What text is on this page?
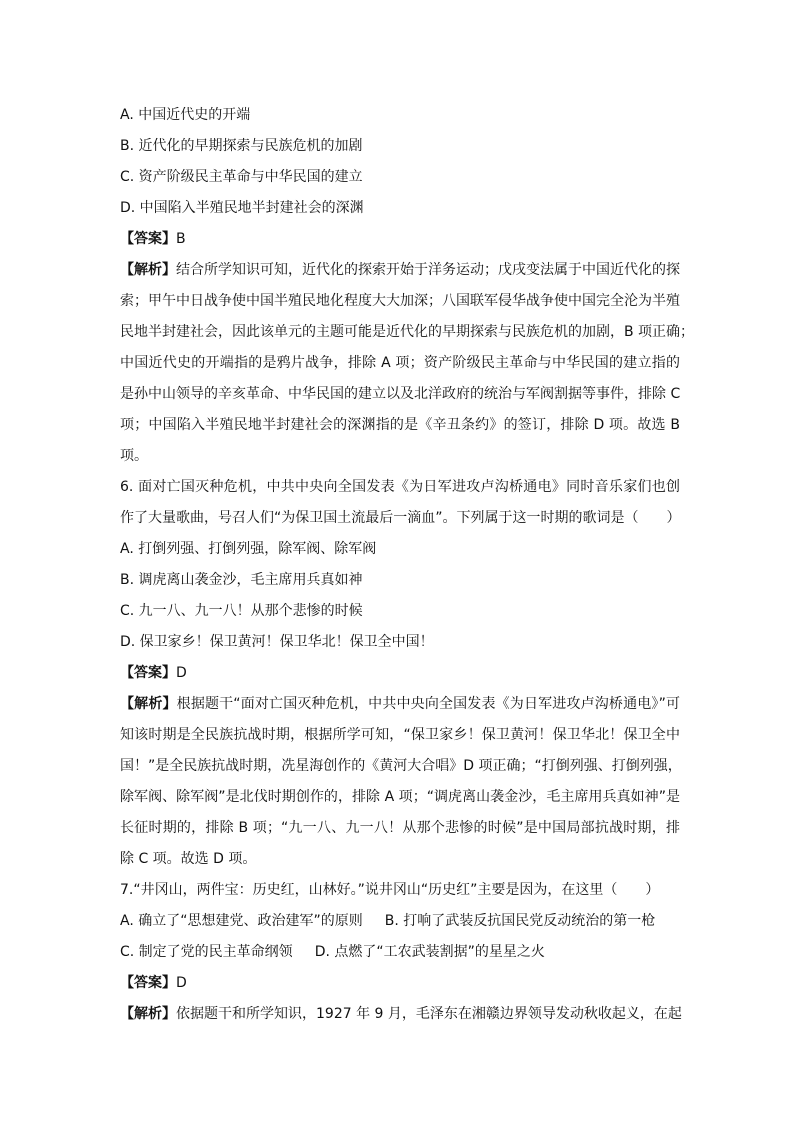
A. 中国近代史的开端
B. 近代化的早期探索与民族危机的加剧
C. 资产阶级民主革命与中华民国的建立
D. 中国陷入半殖民地半封建社会的深渊
【答案】B
【解析】结合所学知识可知，近代化的探索开始于洋务运动；戊戌变法属于中国近代化的探
索；甲午中日战争使中国半殖民地化程度大大加深；八国联军侵华战争使中国完全沦为半殖
民地半封建社会，因此该单元的主题可能是近代化的早期探索与民族危机的加剧，B 项正确；
中国近代史的开端指的是鸦片战争，排除 A 项；资产阶级民主革命与中华民国的建立指的
是孙中山领导的辛亥革命、中华民国的建立以及北洋政府的统治与军阀割据等事件，排除 C
项；中国陷入半殖民地半封建社会的深渊指的是《辛丑条约》的签订，排除 D 项。故选 B
项。
6. 面对亡国灭种危机，中共中央向全国发表《为日军进攻卢沟桥通电》同时音乐家们也创
作了大量歌曲，号召人们“为保卫国土流最后一滴血”。下列属于这一时期的歌词是（　　）
A. 打倒列强、打倒列强，除军阀、除军阀
B. 调虎离山袭金沙，毛主席用兵真如神
C. 九一八、九一八！从那个悲惨的时候
D. 保卫家乡！保卫黄河！保卫华北！保卫全中国！
【答案】D
【解析】根据题干“面对亡国灭种危机，中共中央向全国发表《为日军进攻卢沟桥通电》”可
知该时期是全民族抗战时期，根据所学可知，“保卫家乡！保卫黄河！保卫华北！保卫全中
国！”是全民族抗战时期，冼星海创作的《黄河大合唱》D 项正确；“打倒列强、打倒列强，
除军阀、除军阀”是北伐时期创作的，排除 A 项；“调虎离山袭金沙，毛主席用兵真如神”是
长征时期的，排除 B 项；“九一八、九一八！从那个悲惨的时候”是中国局部抗战时期，排
除 C 项。故选 D 项。
7.“井冈山，两件宝：历史红，山林好。”说井冈山“历史红”主要是因为，在这里（　　）
A. 确立了“思想建党、政治建军”的原则 B. 打响了武装反抗国民党反动统治的第一枪
C. 制定了党的民主革命纲领 D. 点燃了“工农武装割据”的星星之火
【答案】D
【解析】依据题干和所学知识，1927 年 9 月，毛泽东在湘赣边界领导发动秋收起义，在起
